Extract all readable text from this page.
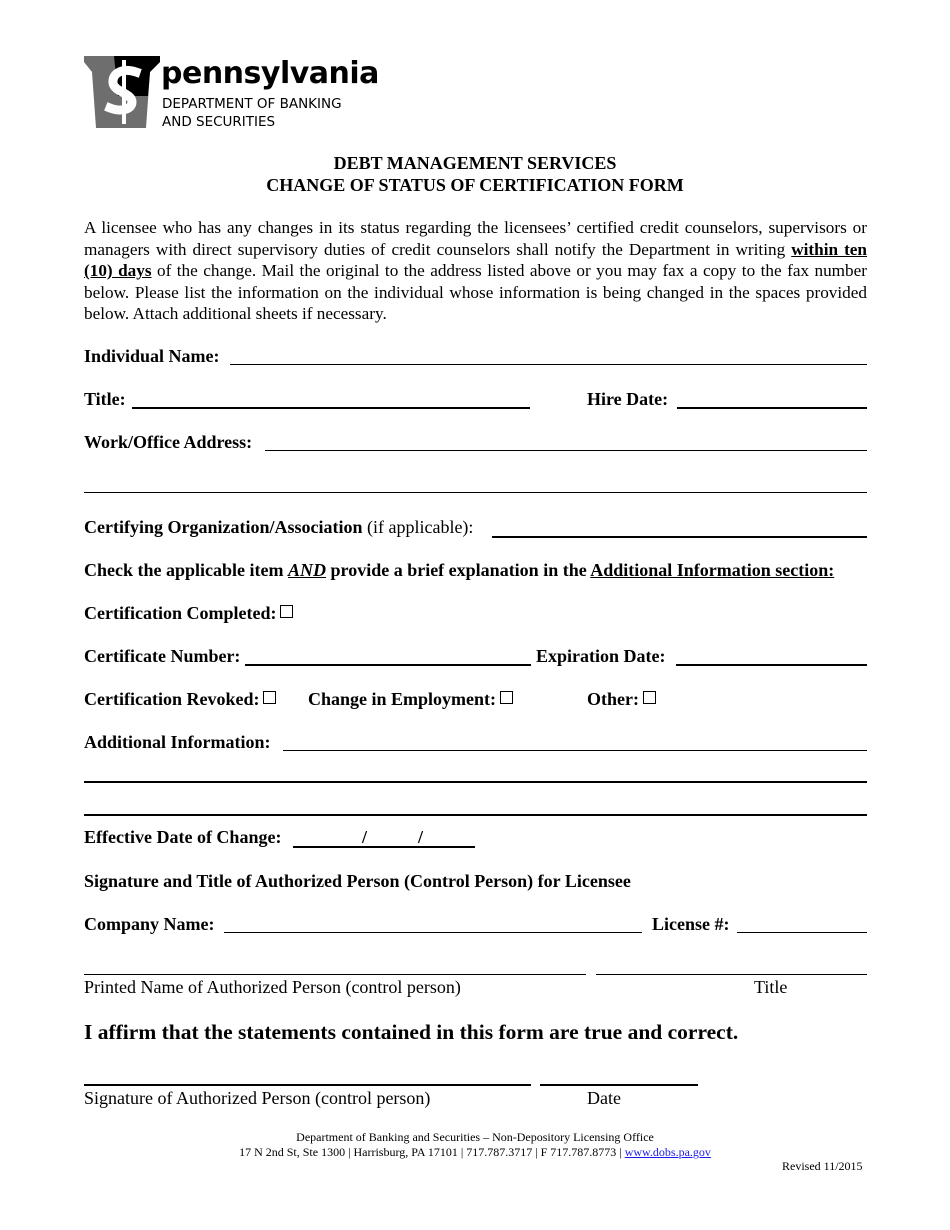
pennsylvania
DEPARTMENT OF BANKING
AND SECURITIES
DEBT MANAGEMENT SERVICES
CHANGE OF STATUS OF CERTIFICATION FORM
A licensee who has any changes in its status regarding the licensees’ certified credit counselors, supervisors or managers with direct supervisory duties of credit counselors shall notify the Department in writing within ten (10) days of the change. Mail the original to the address listed above or you may fax a copy to the fax number below. Please list the information on the individual whose information is being changed in the spaces provided below. Attach additional sheets if necessary.
Individual Name:
Title:	Hire Date:
Work/Office Address:
Certifying Organization/Association (if applicable):
Check the applicable item AND provide a brief explanation in the Additional Information section:
Certification Completed:
Certificate Number:	Expiration Date:
Certification Revoked:	Change in Employment:	Other:
Additional Information:
Effective Date of Change:	/	/
Signature and Title of Authorized Person (Control Person) for Licensee
Company Name:	License #:
Printed Name of Authorized Person (control person)	Title
I affirm that the statements contained in this form are true and correct.
Signature of Authorized Person (control person)	Date
Department of Banking and Securities – Non-Depository Licensing Office
17 N 2nd St, Ste 1300 | Harrisburg, PA 17101 | 717.787.3717 | F 717.787.8773 | www.dobs.pa.gov
Revised 11/2015
